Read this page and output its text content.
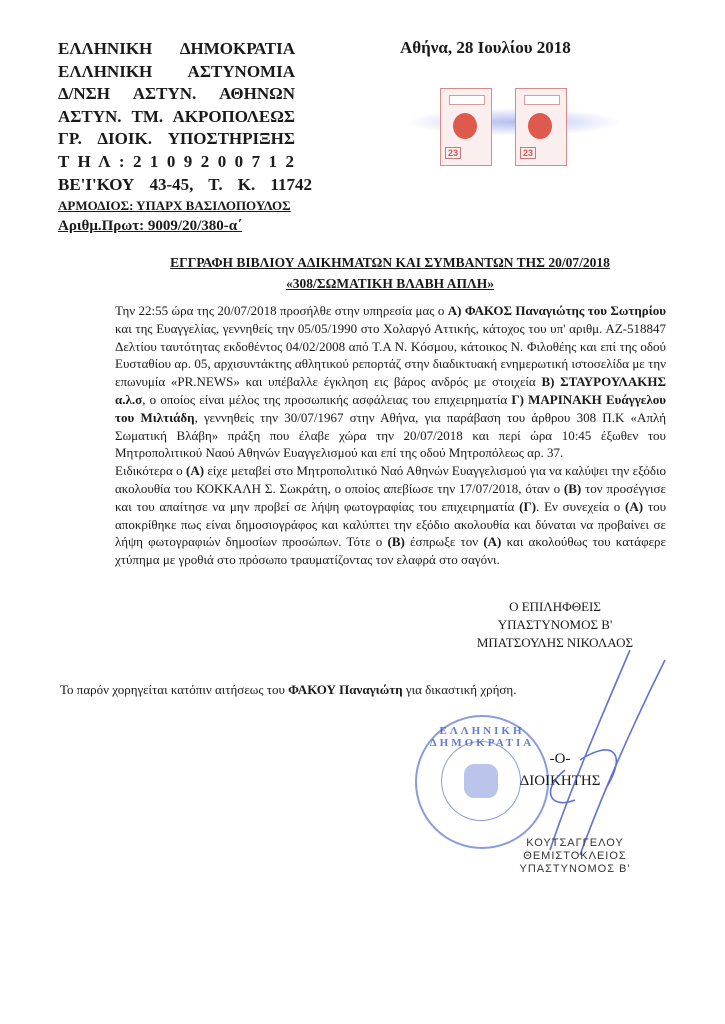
ΕΛΛΗΝΙΚΗ ΔΗΜΟΚΡΑΤΙΑ
ΕΛΛΗΝΙΚΗ ΑΣΤΥΝΟΜΙΑ
Δ/ΝΣΗ ΑΣΤΥΝ. ΑΘΗΝΩΝ
ΑΣΤΥΝ. ΤΜ. ΑΚΡΟΠΟΛΕΩΣ
ΓΡ. ΔΙΟΙΚ. ΥΠΟΣΤΗΡΙΞΗΣ
Τ Η Λ : 2 1 0 9 2 0 0 7 1 2
ΒΕ'Ι'ΚΟΥ 43-45, Τ. Κ. 11742
ΑΡΜΟΔΙΟΣ: ΥΠΑΡΧ ΒΑΣΙΛΟΠΟΥΛΟΣ
Αριθμ.Πρωτ: 9009/20/380-α΄
Αθήνα, 28 Ιουλίου 2018
23	23
ΕΓΓΡΑΦΗ ΒΙΒΛΙΟΥ ΑΔΙΚΗΜΑΤΩΝ ΚΑΙ ΣΥΜΒΑΝΤΩΝ ΤΗΣ 20/07/2018
«308/ΣΩΜΑΤΙΚΗ ΒΛΑΒΗ ΑΠΛΗ»

Την 22:55 ώρα της 20/07/2018 προσήλθε στην υπηρεσία μας ο Α) ΦΑΚΟΣ Παναγιώτης του Σωτηρίου και της Ευαγγελίας, γεννηθείς την 05/05/1990 στο Χολαργό Αττικής, κάτοχος του υπ' αριθμ. ΑΖ-518847 Δελτίου ταυτότητας εκδοθέντος 04/02/2008 από Τ.Α Ν. Κόσμου, κάτοικος Ν. Φιλοθέης και επί της οδού Ευσταθίου αρ. 05, αρχισυντάκτης αθλητικού ρεπορτάζ στην διαδικτυακή ενημερωτική ιστοσελίδα με την επωνυμία «PR.NEWS» και υπέβαλλε έγκληση εις βάρος ανδρός με στοιχεία Β) ΣΤΑΥΡΟΥΛΑΚΗΣ α.λ.σ, ο οποίος είναι μέλος της προσωπικής ασφάλειας του επιχειρηματία Γ) ΜΑΡΙΝΑΚΗ Ευάγγελου του Μιλτιάδη, γεννηθείς την 30/07/1967 στην Αθήνα, για παράβαση του άρθρου 308 Π.Κ «Απλή Σωματική Βλάβη» πράξη που έλαβε χώρα την 20/07/2018 και περί ώρα 10:45 έξωθεν του Μητροπολιτικού Ναού Αθηνών Ευαγγελισμού και επί της οδού Μητροπόλεως αρ. 37.

Ειδικότερα ο (Α) είχε μεταβεί στο Μητροπολιτικό Ναό Αθηνών Ευαγγελισμού για να καλύψει την εξόδιο ακολουθία του ΚΟΚΚΑΛΗ Σ. Σωκράτη, ο οποίος απεβίωσε την 17/07/2018, όταν ο (Β) τον προσέγγισε και του απαίτησε να μην προβεί σε λήψη φωτογραφίας του επιχειρηματία (Γ). Εν συνεχεία ο (Α) του αποκρίθηκε πως είναι δημοσιογράφος και καλύπτει την εξόδιο ακολουθία και δύναται να προβαίνει σε λήψη φωτογραφιών δημοσίων προσώπων. Τότε ο (Β) έσπρωξε τον (Α) και ακολούθως του κατάφερε χτύπημα με γροθιά στο πρόσωπο τραυματίζοντας τον ελαφρά στο σαγόνι.

Ο ΕΠΙΛΗΦΘΕΙΣ
ΥΠΑΣΤΥΝΟΜΟΣ Β'
ΜΠΑΤΣΟΥΛΗΣ ΝΙΚΟΛΑΟΣ
Το παρόν χορηγείται κατόπιν αιτήσεως του ΦΑΚΟΥ Παναγιώτη για δικαστική χρήση.
ΕΛΛΗΝΙΚΗ ΔΗΜΟΚΡΑΤΙΑ
-Ο-
ΔΙΟΙΚΗΤΗΣ
ΚΟΥΤΣΑΓΓΕΛΟΥ ΘΕΜΙΣΤΟΚΛΕΙΟΣ
ΥΠΑΣΤΥΝΟΜΟΣ Β'
